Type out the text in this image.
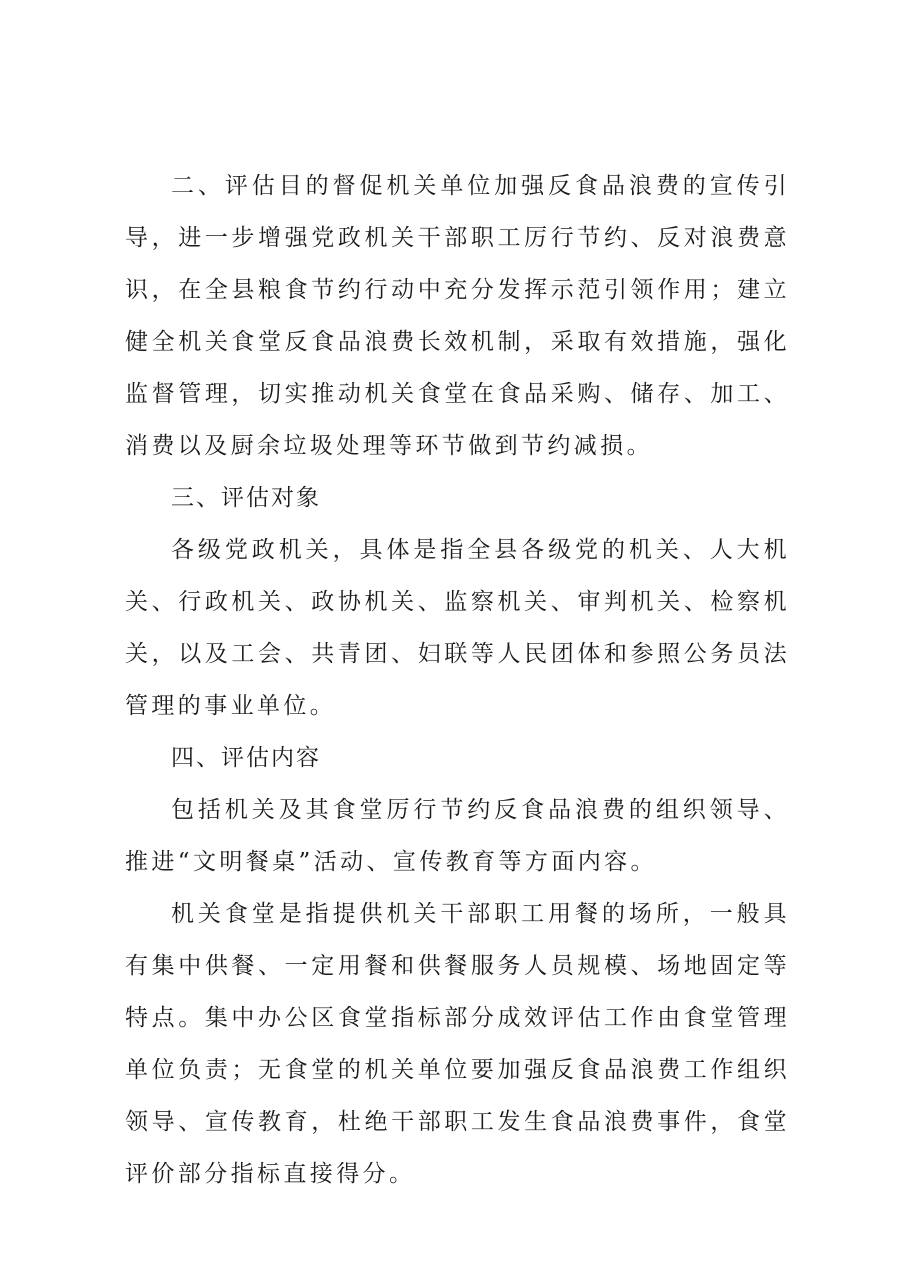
二、评估目的督促机关单位加强反食品浪费的宣传引导，进一步增强党政机关干部职工厉行节约、反对浪费意识，在全县粮食节约行动中充分发挥示范引领作用；建立健全机关食堂反食品浪费长效机制，采取有效措施，强化监督管理，切实推动机关食堂在食品采购、储存、加工、消费以及厨余垃圾处理等环节做到节约减损。

三、评估对象

各级党政机关，具体是指全县各级党的机关、人大机关、行政机关、政协机关、监察机关、审判机关、检察机关，以及工会、共青团、妇联等人民团体和参照公务员法管理的事业单位。

四、评估内容

包括机关及其食堂厉行节约反食品浪费的组织领导、推进“文明餐桌”活动、宣传教育等方面内容。

机关食堂是指提供机关干部职工用餐的场所，一般具有集中供餐、一定用餐和供餐服务人员规模、场地固定等特点。集中办公区食堂指标部分成效评估工作由食堂管理单位负责；无食堂的机关单位要加强反食品浪费工作组织领导、宣传教育，杜绝干部职工发生食品浪费事件，食堂评价部分指标直接得分。
